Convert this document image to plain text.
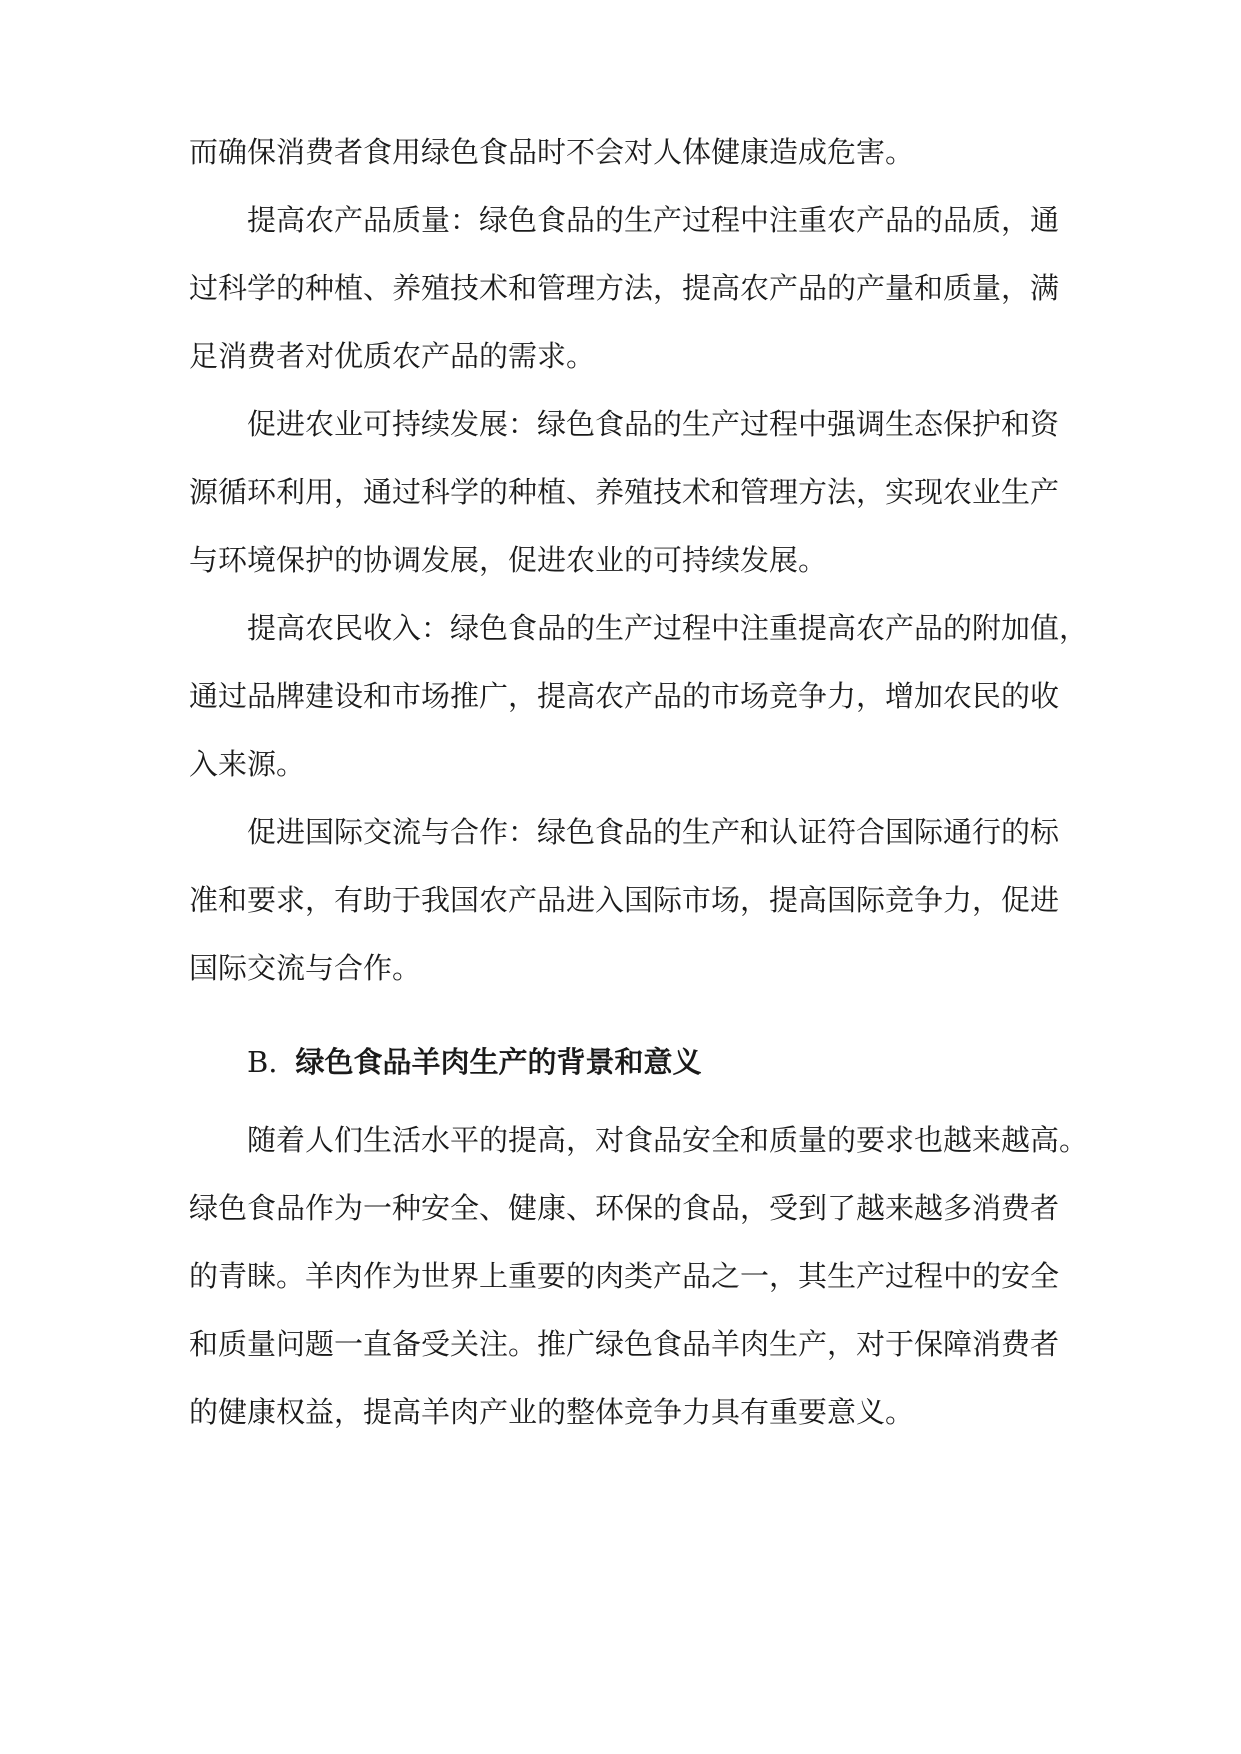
而确保消费者食用绿色食品时不会对人体健康造成危害。
提高农产品质量：绿色食品的生产过程中注重农产品的品质，通
过科学的种植、养殖技术和管理方法，提高农产品的产量和质量，满
足消费者对优质农产品的需求。
促进农业可持续发展：绿色食品的生产过程中强调生态保护和资
源循环利用，通过科学的种植、养殖技术和管理方法，实现农业生产
与环境保护的协调发展，促进农业的可持续发展。
提高农民收入：绿色食品的生产过程中注重提高农产品的附加值，
通过品牌建设和市场推广，提高农产品的市场竞争力，增加农民的收
入来源。
促进国际交流与合作：绿色食品的生产和认证符合国际通行的标
准和要求，有助于我国农产品进入国际市场，提高国际竞争力，促进
国际交流与合作。
B. 绿色食品羊肉生产的背景和意义
随着人们生活水平的提高，对食品安全和质量的要求也越来越高。
绿色食品作为一种安全、健康、环保的食品，受到了越来越多消费者
的青睐。羊肉作为世界上重要的肉类产品之一，其生产过程中的安全
和质量问题一直备受关注。推广绿色食品羊肉生产，对于保障消费者
的健康权益，提高羊肉产业的整体竞争力具有重要意义。
